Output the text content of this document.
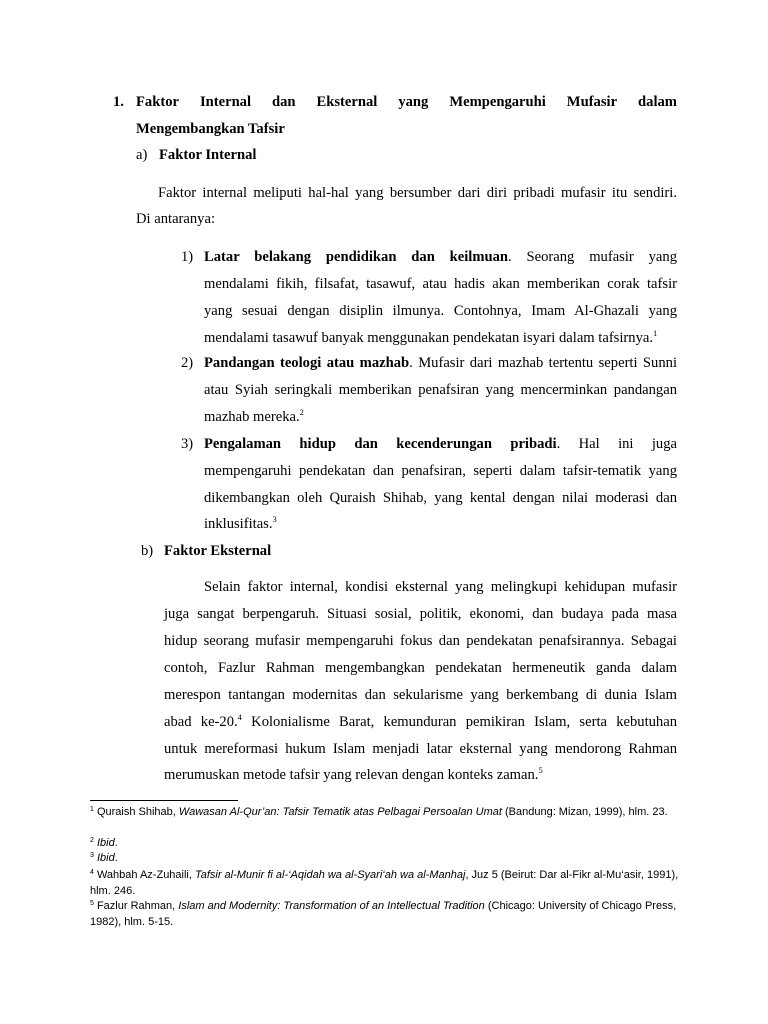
1. Faktor Internal dan Eksternal yang Mempengaruhi Mufasir dalam
Mengembangkan Tafsir
a) Faktor Internal
Faktor internal meliputi hal-hal yang bersumber dari diri pribadi mufasir itu sendiri.
Di antaranya:
1) Latar belakang pendidikan dan keilmuan. Seorang mufasir yang
mendalami fikih, filsafat, tasawuf, atau hadis akan memberikan corak tafsir
yang sesuai dengan disiplin ilmunya. Contohnya, Imam Al-Ghazali yang
mendalami tasawuf banyak menggunakan pendekatan isyari dalam tafsirnya.$^1$
2) Pandangan teologi atau mazhab. Mufasir dari mazhab tertentu seperti Sunni
atau Syiah seringkali memberikan penafsiran yang mencerminkan pandangan
mazhab mereka.$^2$
3) Pengalaman hidup dan kecenderungan pribadi. Hal ini juga
mempengaruhi pendekatan dan penafsiran, seperti dalam tafsir-tematik yang
dikembangkan oleh Quraish Shihab, yang kental dengan nilai moderasi dan
inklusifitas.$^3$
b) Faktor Eksternal
Selain faktor internal, kondisi eksternal yang melingkupi kehidupan mufasir
juga sangat berpengaruh. Situasi sosial, politik, ekonomi, dan budaya pada masa
hidup seorang mufasir mempengaruhi fokus dan pendekatan penafsirannya. Sebagai
contoh, Fazlur Rahman mengembangkan pendekatan hermeneutik ganda dalam
merespon tantangan modernitas dan sekularisme yang berkembang di dunia Islam
abad ke-20.$^4$ Kolonialisme Barat, kemunduran pemikiran Islam, serta kebutuhan
untuk mereformasi hukum Islam menjadi latar eksternal yang mendorong Rahman
merumuskan metode tafsir yang relevan dengan konteks zaman.$^5$
$^1$ Quraish Shihab, Wawasan Al-Qur’an: Tafsir Tematik atas Pelbagai Persoalan Umat (Bandung: Mizan, 1999), hlm. 23.
$^2$ Ibid.
$^3$ Ibid.
$^4$ Wahbah Az-Zuhaili, Tafsir al-Munir fi al-‘Aqidah wa al-Syari‘ah wa al-Manhaj, Juz 5 (Beirut: Dar al-Fikr al-Mu‘asir, 1991), hlm. 246.
$^5$ Fazlur Rahman, Islam and Modernity: Transformation of an Intellectual Tradition (Chicago: University of Chicago Press, 1982), hlm. 5-15.
